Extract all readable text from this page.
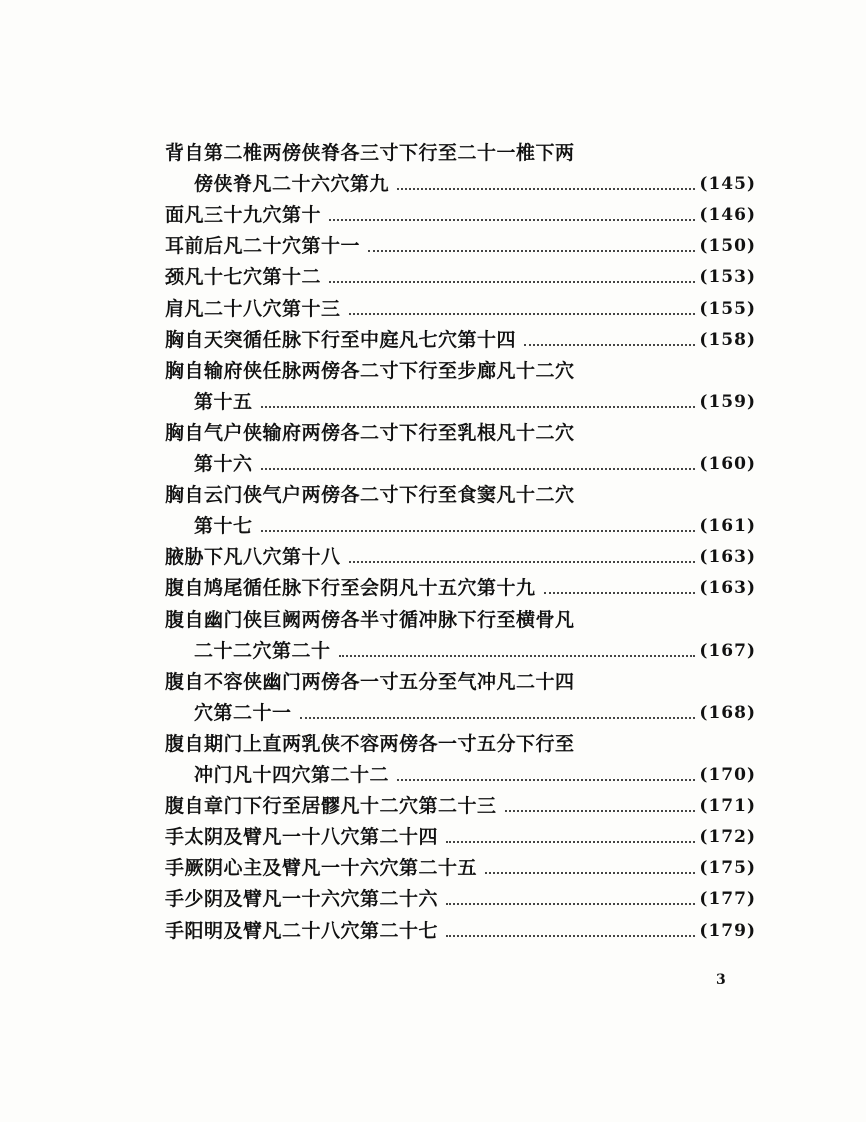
背自第二椎两傍侠脊各三寸下行至二十一椎下两
傍侠脊凡二十六穴第九	(145)
面凡三十九穴第十	(146)
耳前后凡二十穴第十一	(150)
颈凡十七穴第十二	(153)
肩凡二十八穴第十三	(155)
胸自天突循任脉下行至中庭凡七穴第十四	(158)
胸自输府侠任脉两傍各二寸下行至步廊凡十二穴
第十五	(159)
胸自气户侠输府两傍各二寸下行至乳根凡十二穴
第十六	(160)
胸自云门侠气户两傍各二寸下行至食窦凡十二穴
第十七	(161)
腋胁下凡八穴第十八	(163)
腹自鸠尾循任脉下行至会阴凡十五穴第十九	(163)
腹自幽门侠巨阙两傍各半寸循冲脉下行至横骨凡
二十二穴第二十	(167)
腹自不容侠幽门两傍各一寸五分至气冲凡二十四
穴第二十一	(168)
腹自期门上直两乳侠不容两傍各一寸五分下行至
冲门凡十四穴第二十二	(170)
腹自章门下行至居髎凡十二穴第二十三	(171)
手太阴及臂凡一十八穴第二十四	(172)
手厥阴心主及臂凡一十六穴第二十五	(175)
手少阴及臂凡一十六穴第二十六	(177)
手阳明及臂凡二十八穴第二十七	(179)
3
